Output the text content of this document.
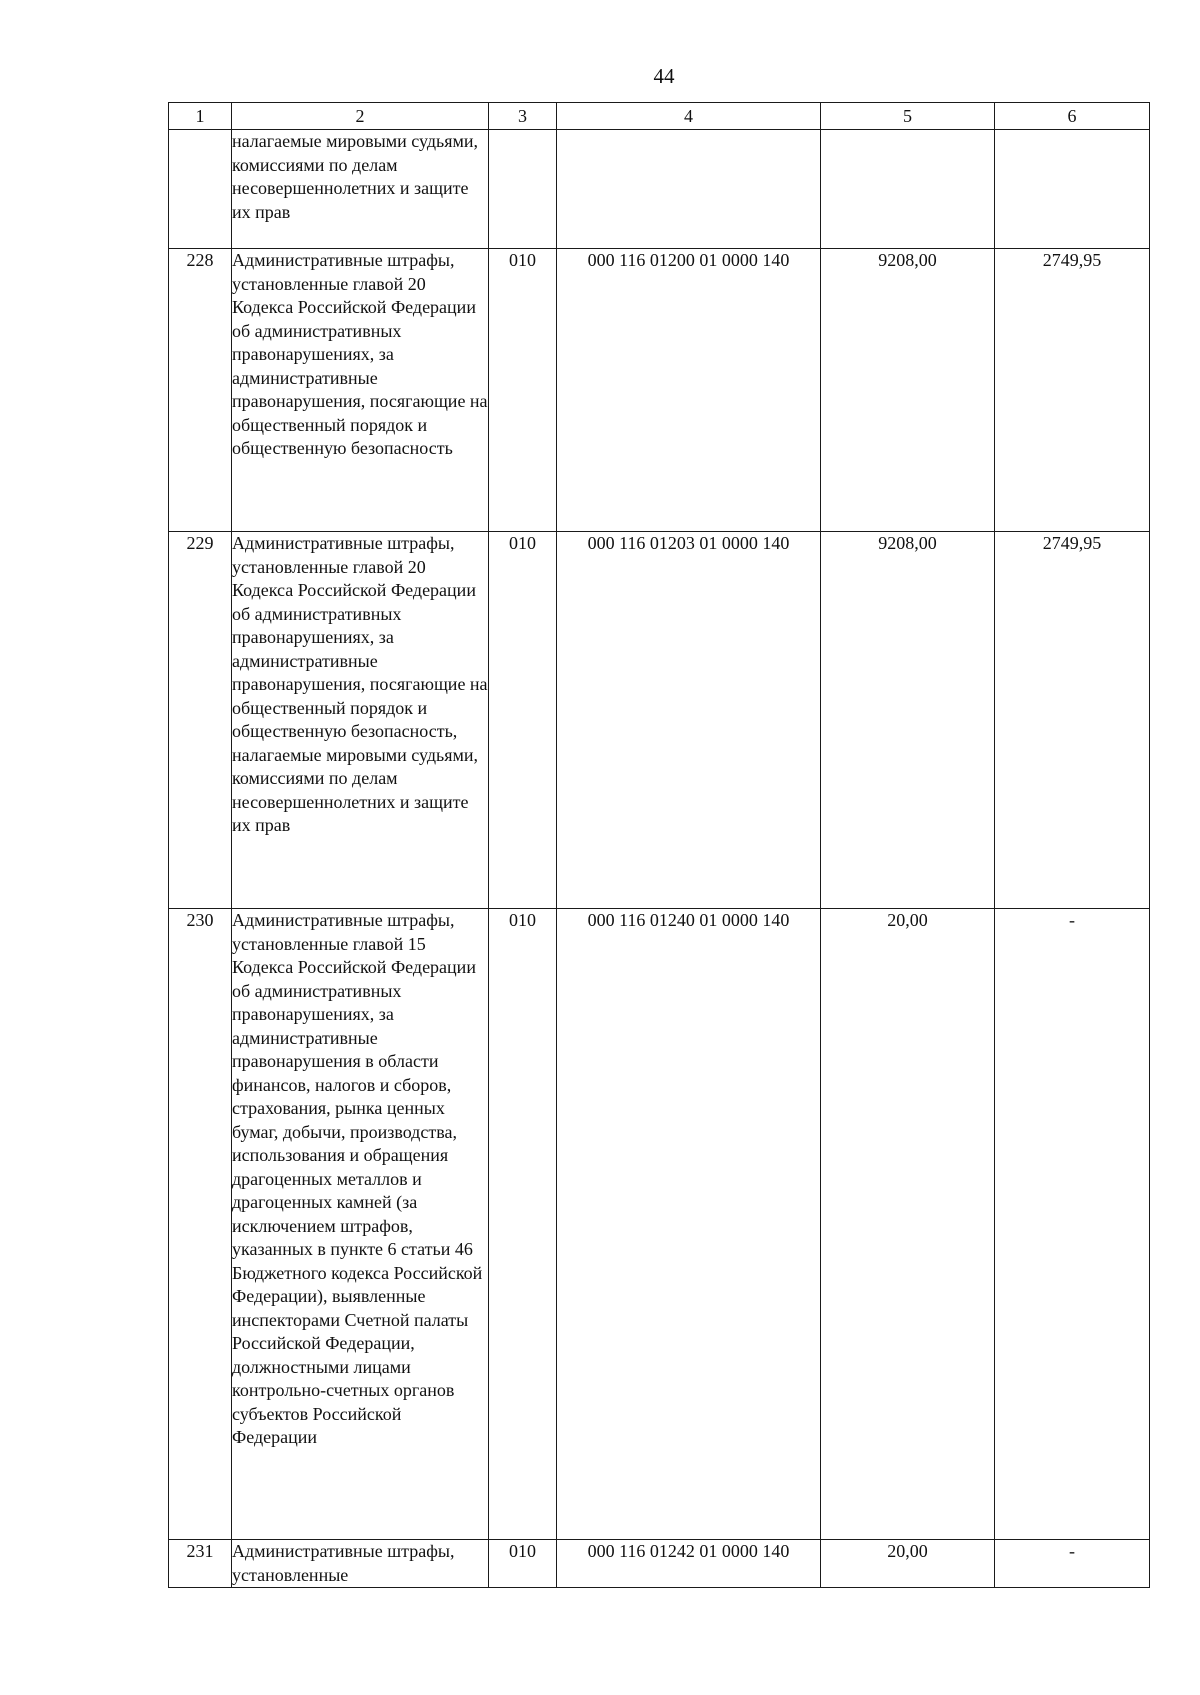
44
1	2	3	4	5	6
	налагаемые мировыми судьями, комиссиями по делам несовершеннолетних и защите их прав				
228	Административные штрафы, установленные главой 20 Кодекса Российской Федерации об административных правонарушениях, за административные правонарушения, посягающие на общественный порядок и общественную безопасность	010	000 116 01200 01 0000 140	9208,00	2749,95
229	Административные штрафы, установленные главой 20 Кодекса Российской Федерации об административных правонарушениях, за административные правонарушения, посягающие на общественный порядок и общественную безопасность, налагаемые мировыми судьями, комиссиями по делам несовершеннолетних и защите их прав	010	000 116 01203 01 0000 140	9208,00	2749,95
230	Административные штрафы, установленные главой 15 Кодекса Российской Федерации об административных правонарушениях, за административные правонарушения в области финансов, налогов и сборов, страхования, рынка ценных бумаг, добычи, производства, использования и обращения драгоценных металлов и драгоценных камней (за исключением штрафов, указанных в пункте 6 статьи 46 Бюджетного кодекса Российской Федерации), выявленные инспекторами Счетной палаты Российской Федерации, должностными лицами контрольно-счетных органов субъектов Российской Федерации	010	000 116 01240 01 0000 140	20,00	-
231	Административные штрафы, установленные	010	000 116 01242 01 0000 140	20,00	-
